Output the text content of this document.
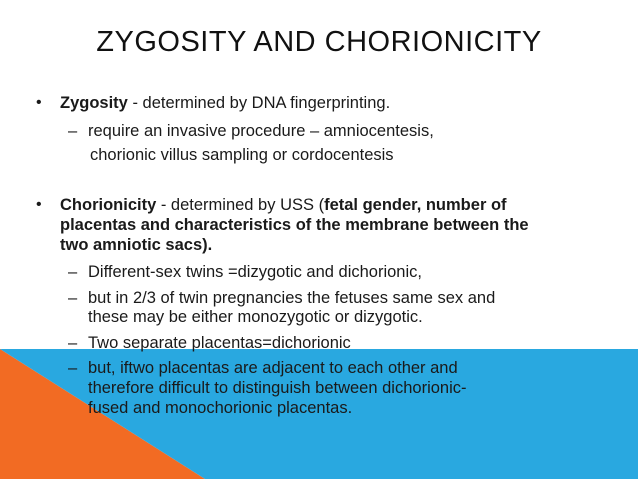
ZYGOSITY AND CHORIONICITY
• Zygosity - determined by DNA fingerprinting.
– require an invasive procedure – amniocentesis,
chorionic villus sampling or cordocentesis
• Chorionicity - determined by USS (fetal gender, number of
placentas and characteristics of the membrane between the
two amniotic sacs).
– Different-sex twins =dizygotic and dichorionic,
– but in 2/3 of twin pregnancies the fetuses same sex and
these may be either monozygotic or dizygotic.
– Two separate placentas=dichorionic
– but, iftwo placentas are adjacent to each other and
therefore difficult to distinguish between dichorionic-
fused and monochorionic placentas.
